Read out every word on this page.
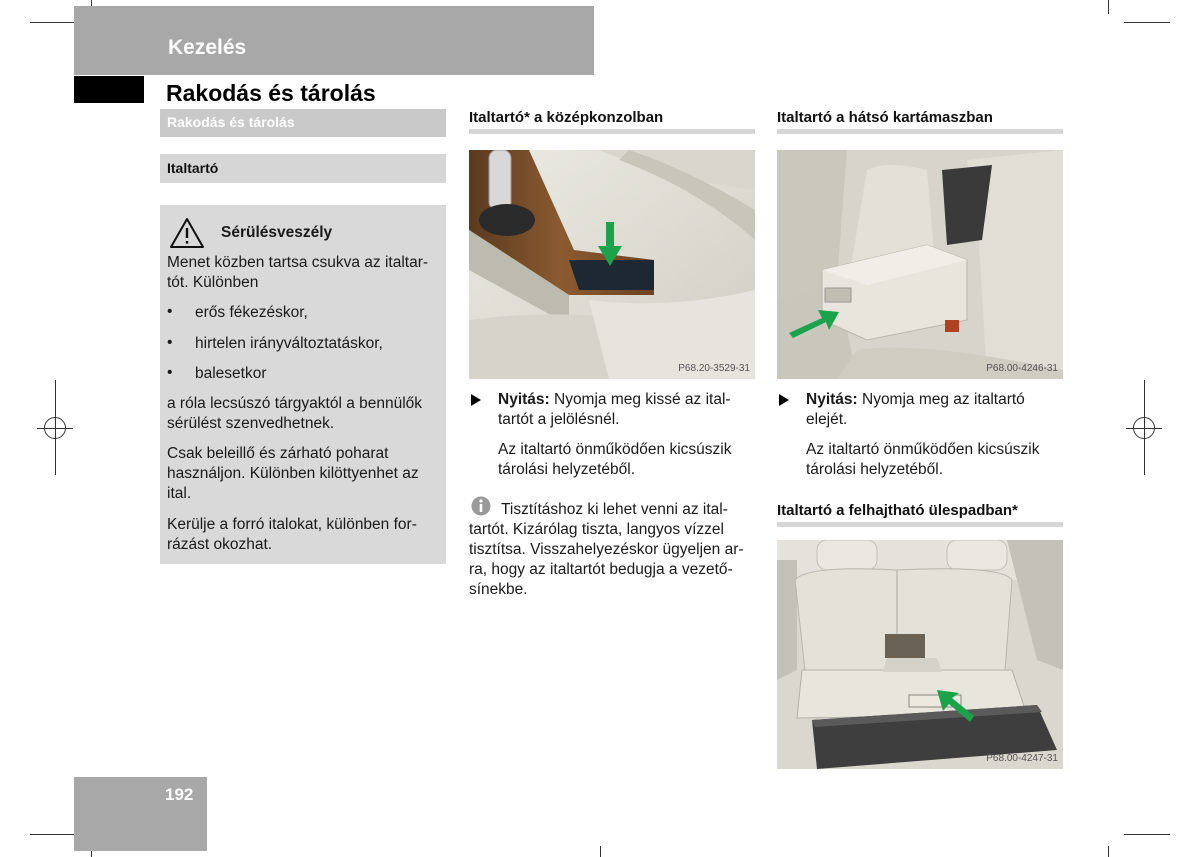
Kezelés
Rakodás és tárolás
Rakodás és tárolás
Italtartó
Sérülésveszély
Menet közben tartsa csukva az italtar-
tót. Különben
• erős fékezéskor,
• hirtelen irányváltoztatáskor,
• balesetkor
a róla lecsúszó tárgyaktól a bennülők
sérülést szenvedhetnek.
Csak beleillő és zárható poharat
használjon. Különben kilöttyenhet az
ital.
Kerülje a forró italokat, különben for-
rázást okozhat.
Italtartó* a középkonzolban
P68.20-3529-31
Nyitás: Nyomja meg kissé az ital-
tartót a jelölésnél.
Az italtartó önműködően kicsúszik
tárolási helyzetéből.
Tisztításhoz ki lehet venni az ital-
tartót. Kizárólag tiszta, langyos vízzel
tisztítsa. Visszahelyezéskor ügyeljen ar-
ra, hogy az italtartót bedugja a vezető-
sínekbe.
Italtartó a hátsó kartámaszban
P68.00-4246-31
Nyitás: Nyomja meg az italtartó
elejét.
Az italtartó önműködően kicsúszik
tárolási helyzetéből.
Italtartó a felhajtható ülespadban*
P68.00-4247-31
192
